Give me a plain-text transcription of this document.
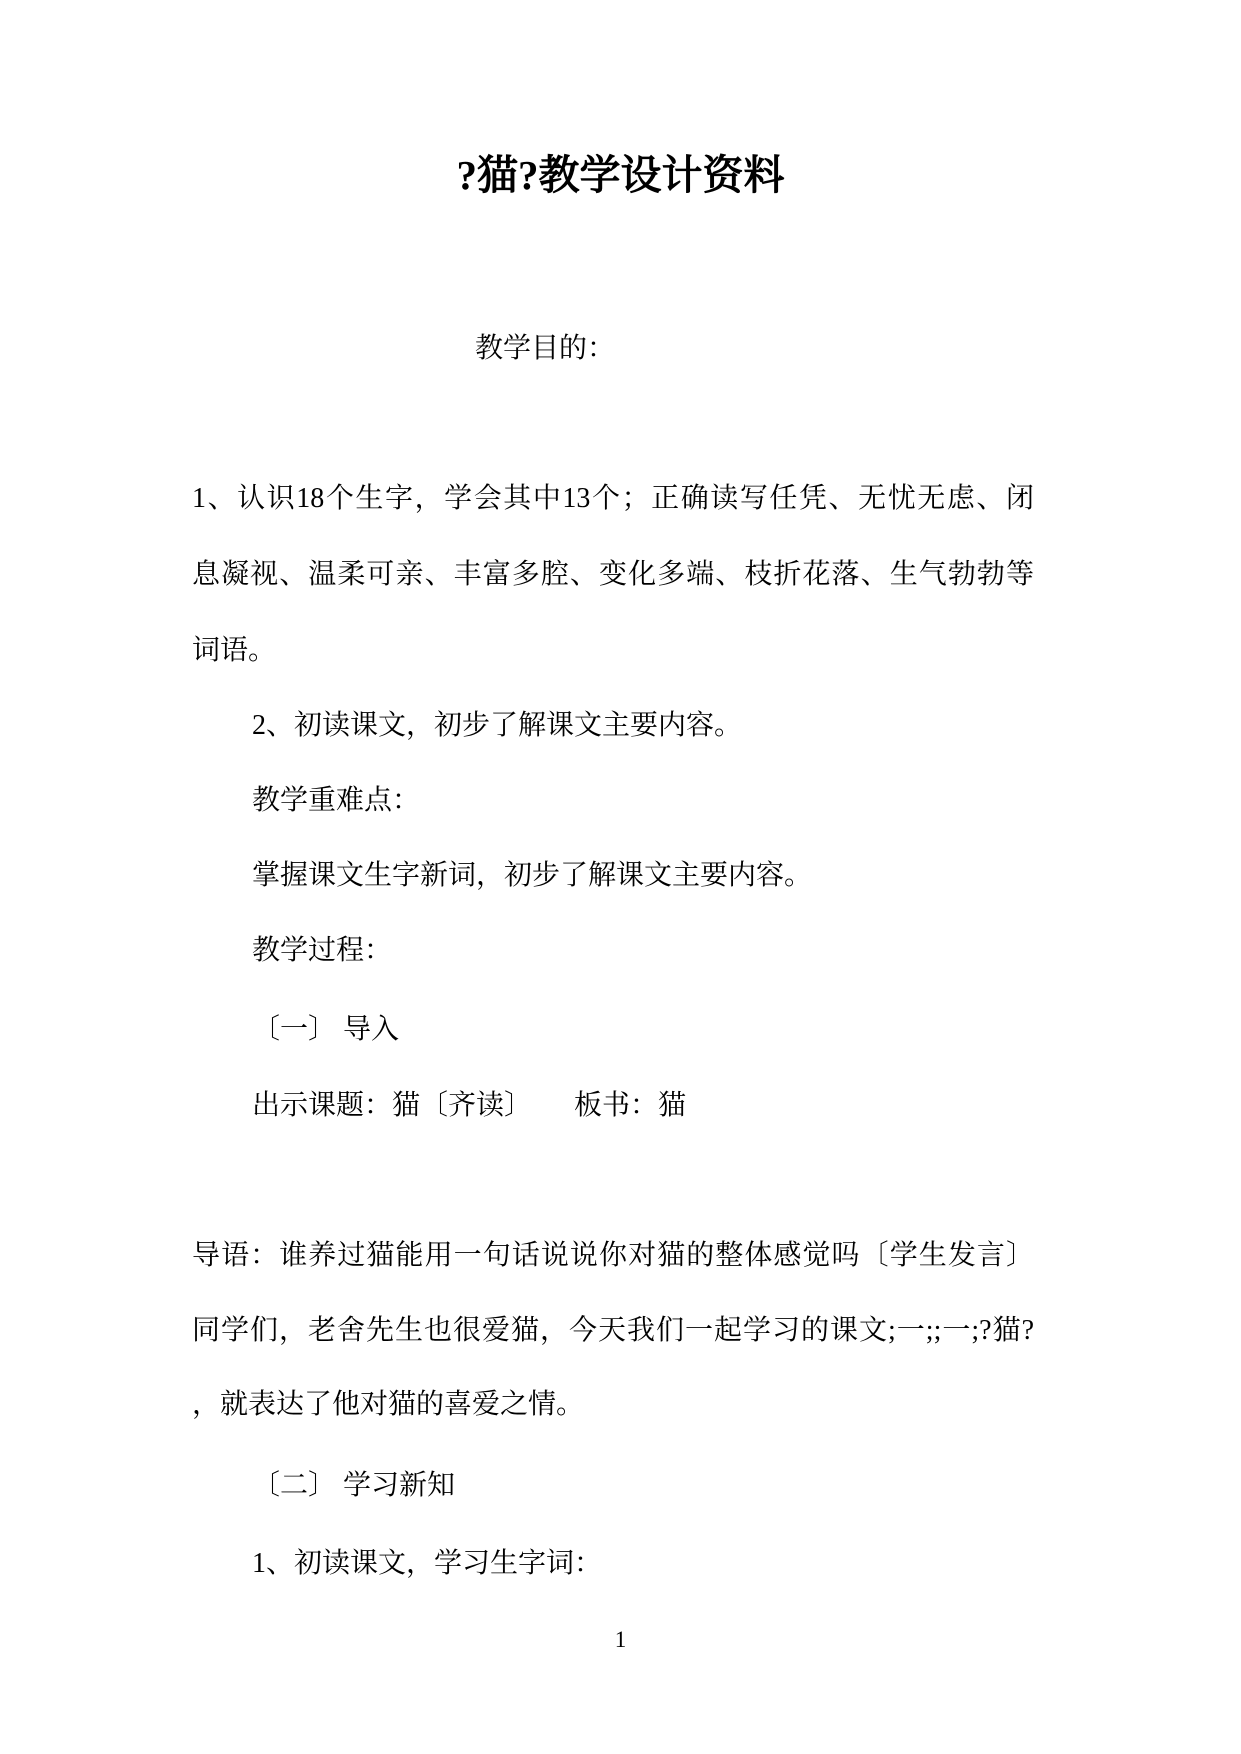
?猫?教学设计资料
教学目的：
1、认识18个生字，学会其中13个；正确读写任凭、无忧无虑、闭
息凝视、温柔可亲、丰富多腔、变化多端、枝折花落、生气勃勃等
词语。
2、初读课文，初步了解课文主要内容。
教学重难点：
掌握课文生字新词，初步了解课文主要内容。
教学过程：
〔一〕 导入
出示课题：猫〔齐读〕　　板书：猫
导语：谁养过猫能用一句话说说你对猫的整体感觉吗〔学生发言〕
同学们，老舍先生也很爱猫，今天我们一起学习的课文;一;;一;?猫?
，就表达了他对猫的喜爱之情。
〔二〕 学习新知
1、初读课文，学习生字词：
1
